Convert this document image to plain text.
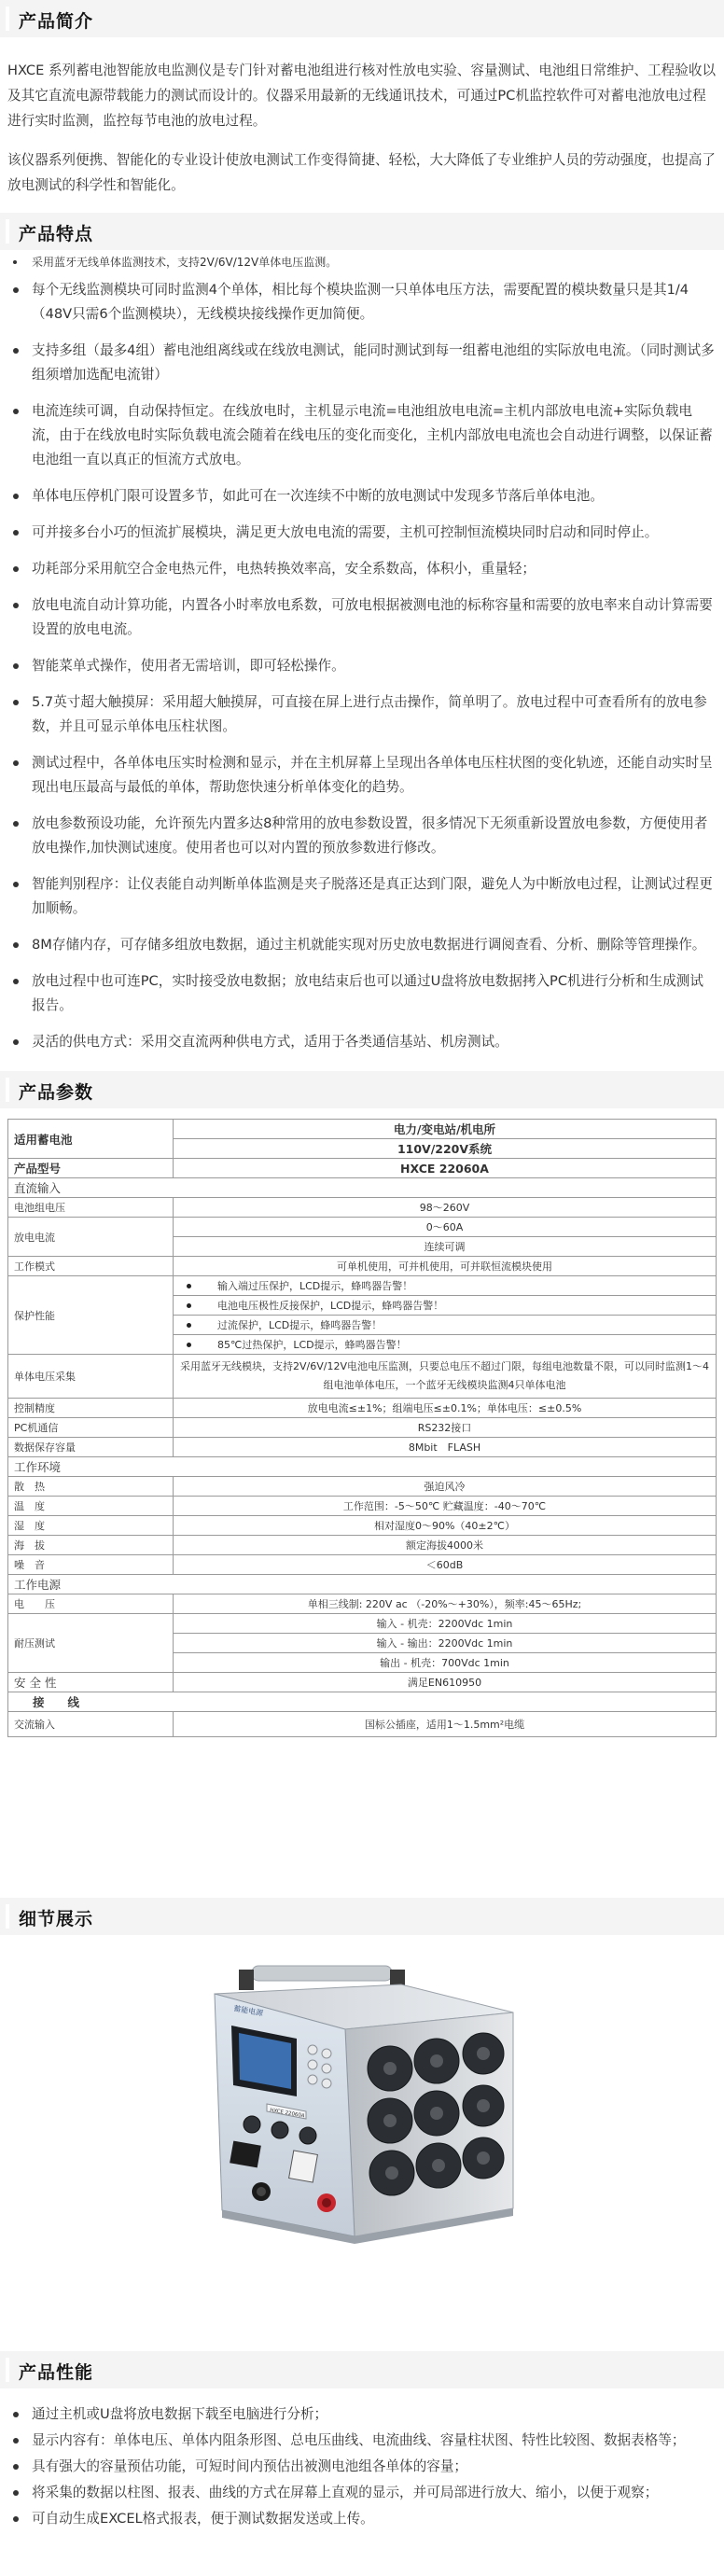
产品简介

HXCE 系列蓄电池智能放电监测仪是专门针对蓄电池组进行核对性放电实验、容量测试、电池组日常维护、工程验收以及其它直流电源带载能力的测试而设计的。仪器采用最新的无线通讯技术，可通过PC机监控软件可对蓄电池放电过程进行实时监测，监控每节电池的放电过程。

该仪器系列便携、智能化的专业设计使放电测试工作变得简捷、轻松，大大降低了专业维护人员的劳动强度，也提高了放电测试的科学性和智能化。

产品特点
采用蓝牙无线单体监测技术，支持2V/6V/12V单体电压监测。
每个无线监测模块可同时监测4个单体，相比每个模块监测一只单体电压方法，需要配置的模块数量只是其1/4（48V只需6个监测模块），无线模块接线操作更加简便。
支持多组（最多4组）蓄电池组离线或在线放电测试，能同时测试到每一组蓄电池组的实际放电电流。（同时测试多组须增加选配电流钳）
电流连续可调，自动保持恒定。在线放电时，主机显示电流=电池组放电电流=主机内部放电电流+实际负载电流，由于在线放电时实际负载电流会随着在线电压的变化而变化，主机内部放电电流也会自动进行调整，以保证蓄电池组一直以真正的恒流方式放电。
单体电压停机门限可设置多节，如此可在一次连续不中断的放电测试中发现多节落后单体电池。
可并接多台小巧的恒流扩展模块，满足更大放电电流的需要，主机可控制恒流模块同时启动和同时停止。
功耗部分采用航空合金电热元件，电热转换效率高，安全系数高，体积小，重量轻；
放电电流自动计算功能，内置各小时率放电系数，可放电根据被测电池的标称容量和需要的放电率来自动计算需要设置的放电电流。
智能菜单式操作，使用者无需培训，即可轻松操作。
5.7英寸超大触摸屏：采用超大触摸屏，可直接在屏上进行点击操作，简单明了。放电过程中可查看所有的放电参数，并且可显示单体电压柱状图。
测试过程中，各单体电压实时检测和显示，并在主机屏幕上呈现出各单体电压柱状图的变化轨迹，还能自动实时呈现出电压最高与最低的单体，帮助您快速分析单体变化的趋势。
放电参数预设功能，允许预先内置多达8种常用的放电参数设置，很多情况下无须重新设置放电参数，方便使用者放电操作,加快测试速度。使用者也可以对内置的预放参数进行修改。
智能判别程序：让仪表能自动判断单体监测是夹子脱落还是真正达到门限，避免人为中断放电过程，让测试过程更加顺畅。
8M存储内存，可存储多组放电数据，通过主机就能实现对历史放电数据进行调阅查看、分析、删除等管理操作。
放电过程中也可连PC，实时接受放电数据；放电结束后也可以通过U盘将放电数据拷入PC机进行分析和生成测试报告。
灵活的供电方式：采用交直流两种供电方式，适用于各类通信基站、机房测试。
产品参数
适用蓄电池	电力/变电站/机电所
	110V/220V系统
产品型号	HXCE 22060A
直流输入	
电池组电压	98～260V
放电电流	0～60A
	连续可调
工作模式	可单机使用，可并机使用，可并联恒流模块使用
保护性能	输入端过压保护，LCD提示，蜂鸣器告警！

	电池电压极性反接保护，LCD提示，蜂鸣器告警！

	过流保护，LCD提示，蜂鸣器告警！

	85℃过热保护，LCD提示，蜂鸣器告警！

单体电压采集	采用蓝牙无线模块，支持2V/6V/12V电池电压监测，只要总电压不超过门限，每组电池数量不限，可以同时监测1～4组电池单体电压，一个蓝牙无线模块监测4只单体电池
控制精度	放电电流≤±1%；组端电压≤±0.1%；单体电压：≤±0.5%
PC机通信	RS232接口
数据保存容量	8Mbit　FLASH
工作环境	
散　热	强迫风冷
温　度	工作范围：-5～50℃ 贮藏温度：-40～70℃
湿　度	相对湿度0～90%（40±2℃）
海　拔	额定海拔4000米
噪　音	＜60dB
工作电源	
电　　压	单相三线制: 220V ac （-20%～+30%），频率:45～65Hz;
耐压测试	输入 - 机壳：2200Vdc 1min
	输入 - 输出：2200Vdc 1min
	输出 - 机壳：700Vdc 1min
安 全 性	满足EN610950
接　　线	
交流输入	国标公插座，适用1～1.5mm²电缆
细节展示
蓄能电源
HXCE 22060A
产品性能
通过主机或U盘将放电数据下载至电脑进行分析；
显示内容有：单体电压、单体内阻条形图、总电压曲线、电流曲线、容量柱状图、特性比较图、数据表格等；
具有强大的容量预估功能，可短时间内预估出被测电池组各单体的容量；
将采集的数据以柱图、报表、曲线的方式在屏幕上直观的显示，并可局部进行放大、缩小，以便于观察；
可自动生成EXCEL格式报表，便于测试数据发送或上传。
